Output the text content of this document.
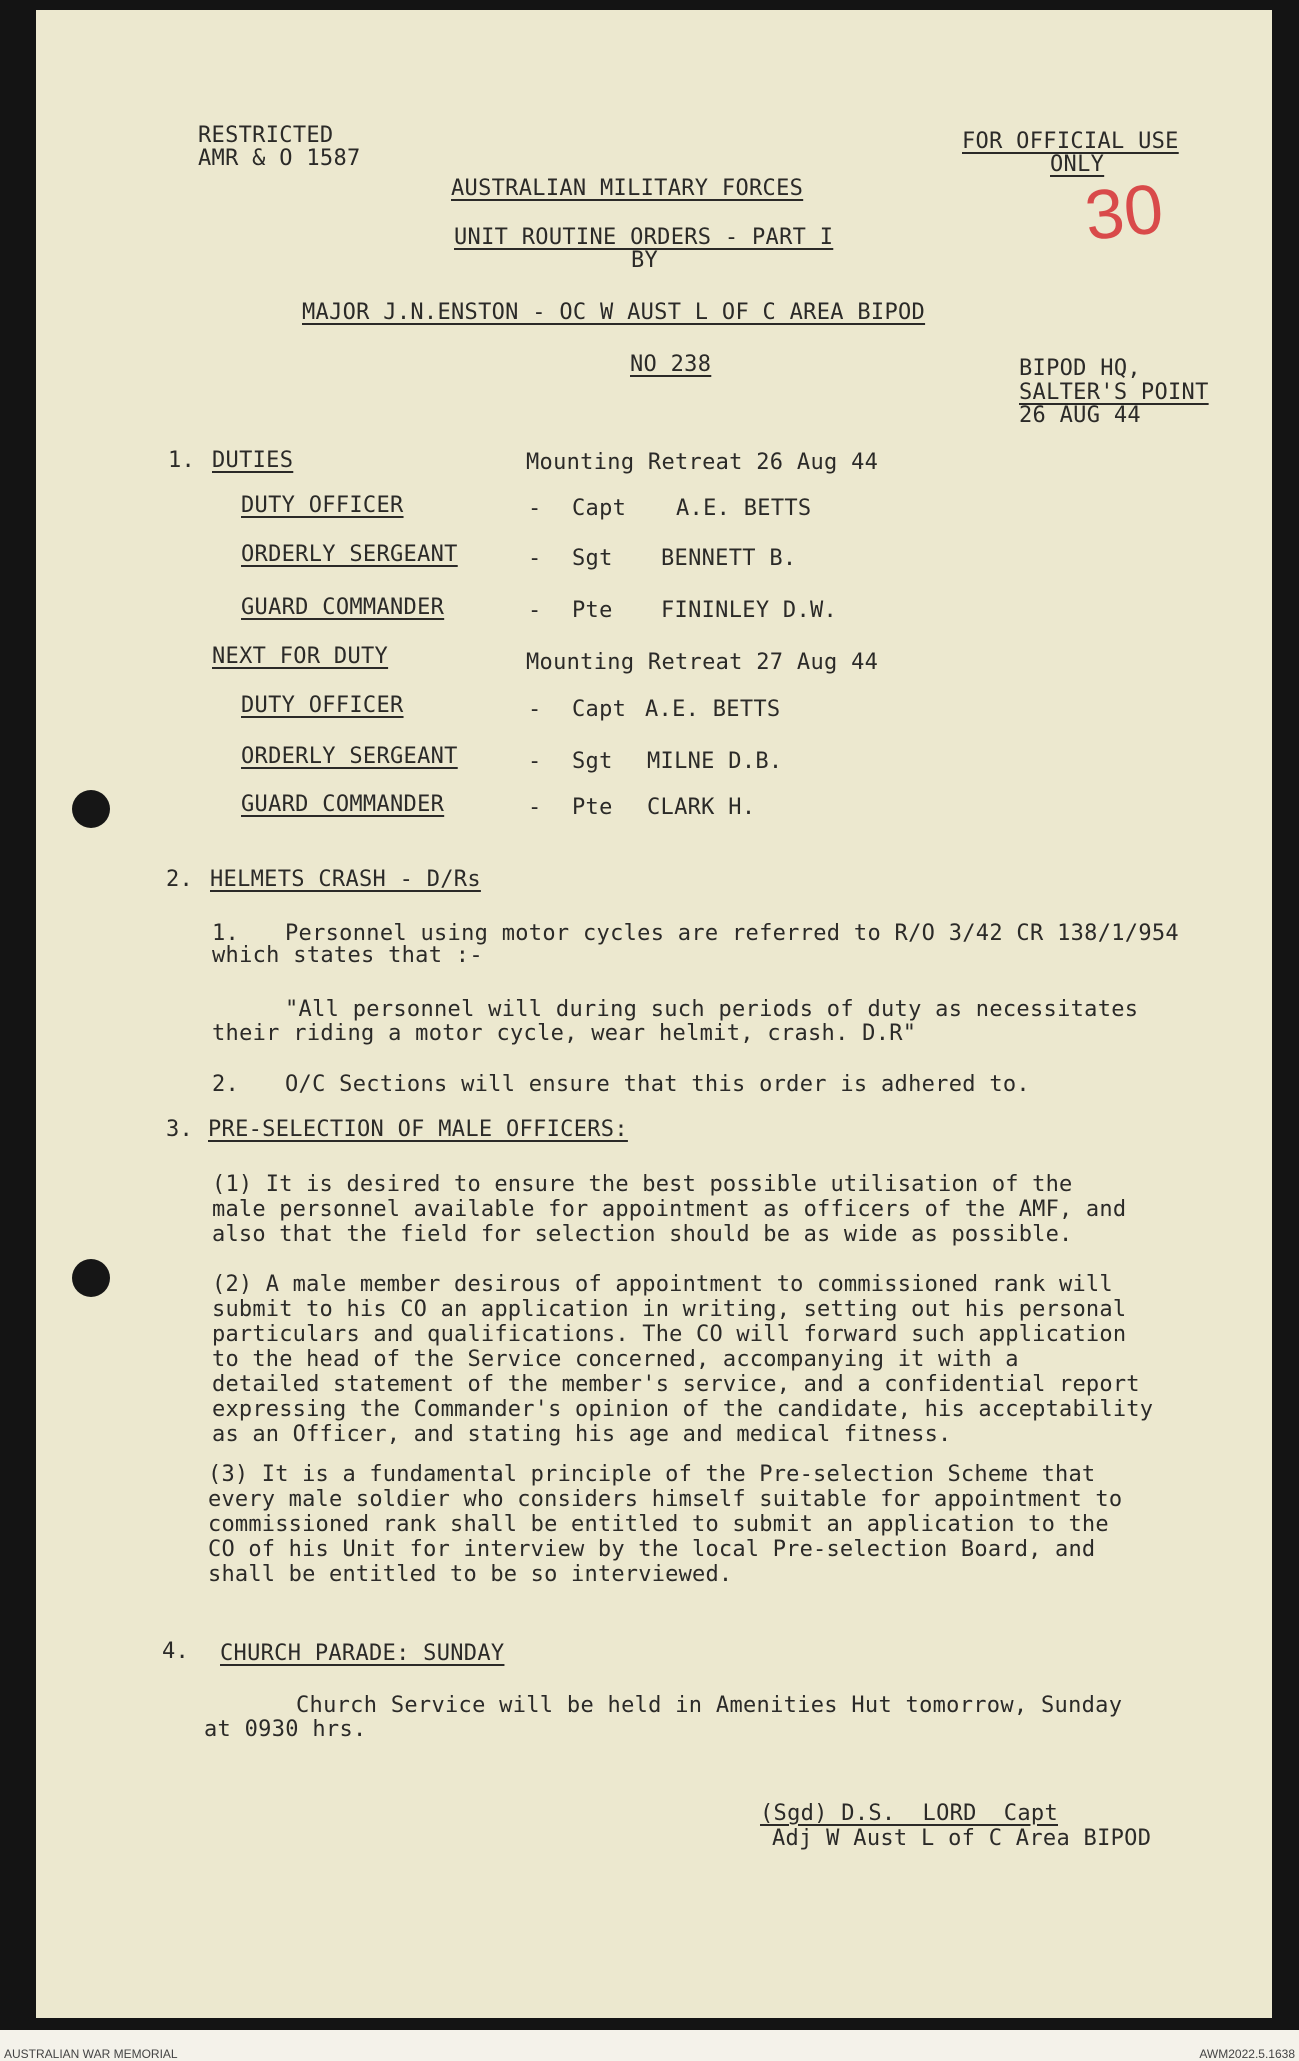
RESTRICTED
AMR & O 1587
FOR OFFICIAL USE
ONLY
30
AUSTRALIAN MILITARY FORCES
UNIT ROUTINE ORDERS - PART I
BY
MAJOR J.N.ENSTON - OC W AUST L OF C AREA BIPOD
NO 238	BIPOD HQ,
SALTER'S POINT
26 AUG 44
1. DUTIES	Mounting Retreat 26 Aug 44
DUTY OFFICER	- Capt A.E. BETTS
ORDERLY SERGEANT	- Sgt BENNETT B.
GUARD COMMANDER	- Pte FININLEY D.W.
NEXT FOR DUTY	Mounting Retreat 27 Aug 44
DUTY OFFICER	- Capt A.E. BETTS
ORDERLY SERGEANT	- Sgt MILNE D.B.
GUARD COMMANDER	- Pte CLARK H.
2. HELMETS CRASH - D/Rs
1. Personnel using motor cycles are referred to R/O 3/42 CR 138/1/954
which states that :-
"All personnel will during such periods of duty as necessitates
their riding a motor cycle, wear helmit, crash. D.R"
2. O/C Sections will ensure that this order is adhered to.
3. PRE-SELECTION OF MALE OFFICERS:
(1) It is desired to ensure the best possible utilisation of the
male personnel available for appointment as officers of the AMF, and
also that the field for selection should be as wide as possible.
(2) A male member desirous of appointment to commissioned rank will
submit to his CO an application in writing, setting out his personal
particulars and qualifications. The CO will forward such application
to the head of the Service concerned, accompanying it with a
detailed statement of the member's service, and a confidential report
expressing the Commander's opinion of the candidate, his acceptability
as an Officer, and stating his age and medical fitness.
(3) It is a fundamental principle of the Pre-selection Scheme that
every male soldier who considers himself suitable for appointment to
commissioned rank shall be entitled to submit an application to the
CO of his Unit for interview by the local Pre-selection Board, and
shall be entitled to be so interviewed.
4. CHURCH PARADE: SUNDAY
Church Service will be held in Amenities Hut tomorrow, Sunday
at 0930 hrs.
(Sgd) D.S.  LORD  Capt
Adj W Aust L of C Area BIPOD
AUSTRALIAN WAR MEMORIAL	AWM2022.5.1638
